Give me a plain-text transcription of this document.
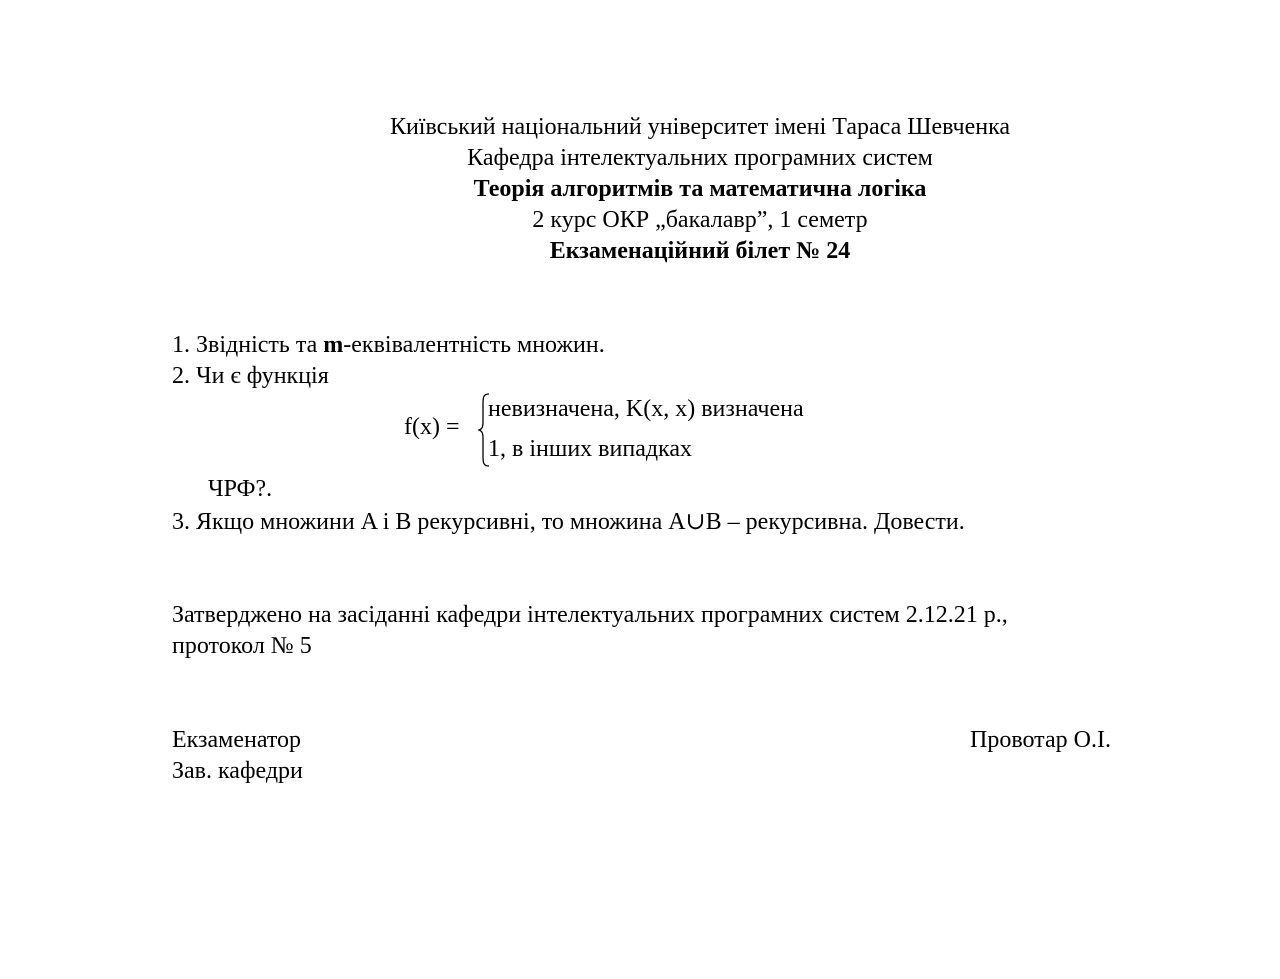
Київський національний університет імені Тараса Шевченка
Кафедра інтелектуальних програмних систем
Теорія алгоритмів та математична логіка
2 курс ОКР „бакалавр”, 1 семетр
Екзаменаційний білет № 24
1. Звідність та m-еквівалентність множин.
2. Чи є функція
f(x) =
невизначена, K(x, x) визначена
1, в інших випадках
ЧРФ?.
3. Якщо множини A і B рекурсивні, то множина A∪B – рекурсивна. Довести.
Затверджено на засіданні кафедри інтелектуальних програмних систем 2.12.21 р.,
протокол № 5
Екзаменатор
Зав. кафедри
Провотар О.І.
